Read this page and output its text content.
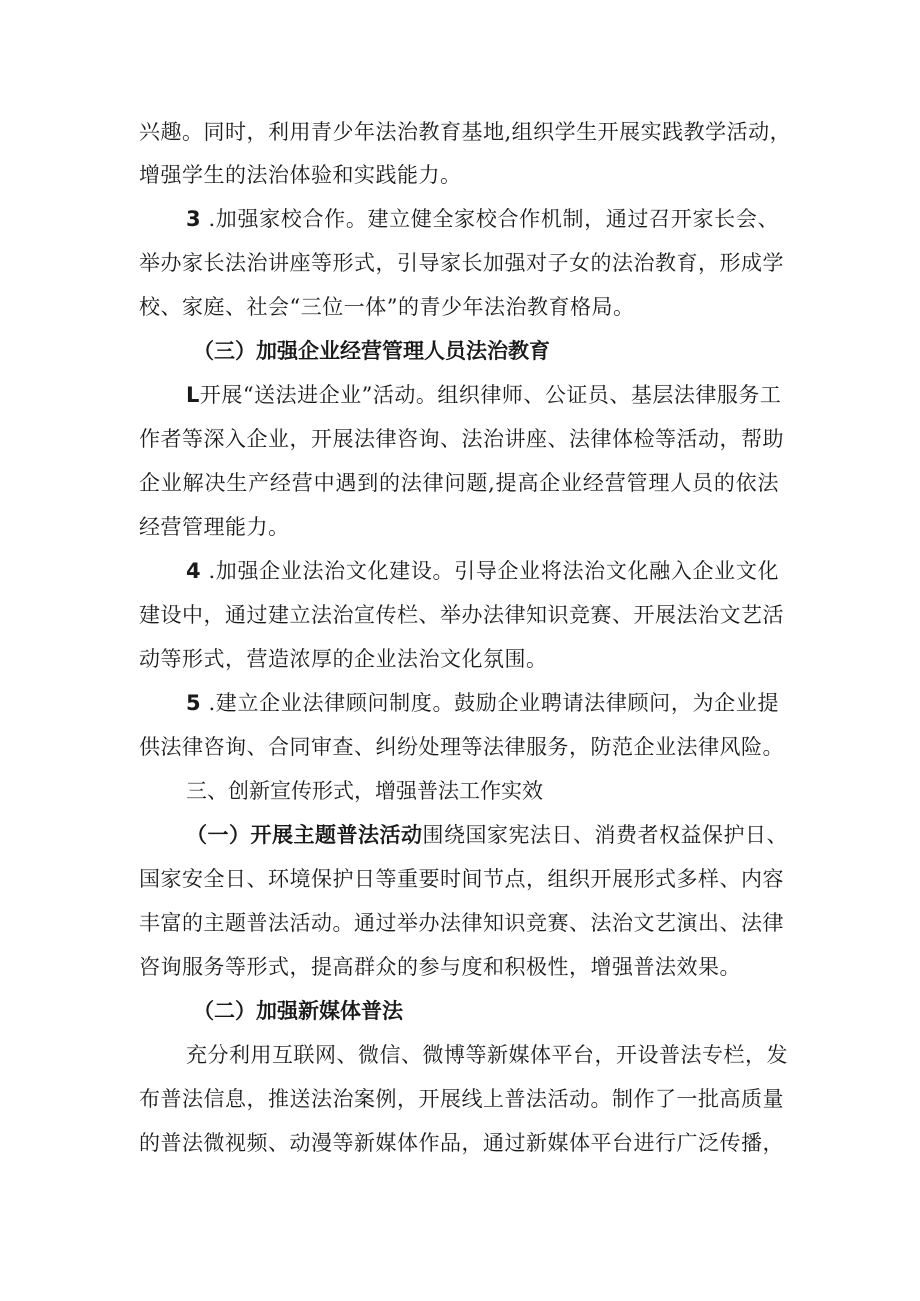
兴趣。同时，利用青少年法治教育基地,组织学生开展实践教学活动，
增强学生的法治体验和实践能力。
3 .加强家校合作。建立健全家校合作机制，通过召开家长会、
举办家长法治讲座等形式，引导家长加强对子女的法治教育，形成学
校、家庭、社会“三位一体”的青少年法治教育格局。
（三）加强企业经营管理人员法治教育
L开展“送法进企业”活动。组织律师、公证员、基层法律服务工
作者等深入企业，开展法律咨询、法治讲座、法律体检等活动，帮助
企业解决生产经营中遇到的法律问题,提高企业经营管理人员的依法
经营管理能力。
4 .加强企业法治文化建设。引导企业将法治文化融入企业文化
建设中，通过建立法治宣传栏、举办法律知识竞赛、开展法治文艺活
动等形式，营造浓厚的企业法治文化氛围。
5 .建立企业法律顾问制度。鼓励企业聘请法律顾问，为企业提
供法律咨询、合同审查、纠纷处理等法律服务，防范企业法律风险。
三、创新宣传形式，增强普法工作实效
（一）开展主题普法活动围绕国家宪法日、消费者权益保护日、
国家安全日、环境保护日等重要时间节点，组织开展形式多样、内容
丰富的主题普法活动。通过举办法律知识竞赛、法治文艺演出、法律
咨询服务等形式，提高群众的参与度和积极性，增强普法效果。
（二）加强新媒体普法
充分利用互联网、微信、微博等新媒体平台，开设普法专栏，发
布普法信息，推送法治案例，开展线上普法活动。制作了一批高质量
的普法微视频、动漫等新媒体作品，通过新媒体平台进行广泛传播，
